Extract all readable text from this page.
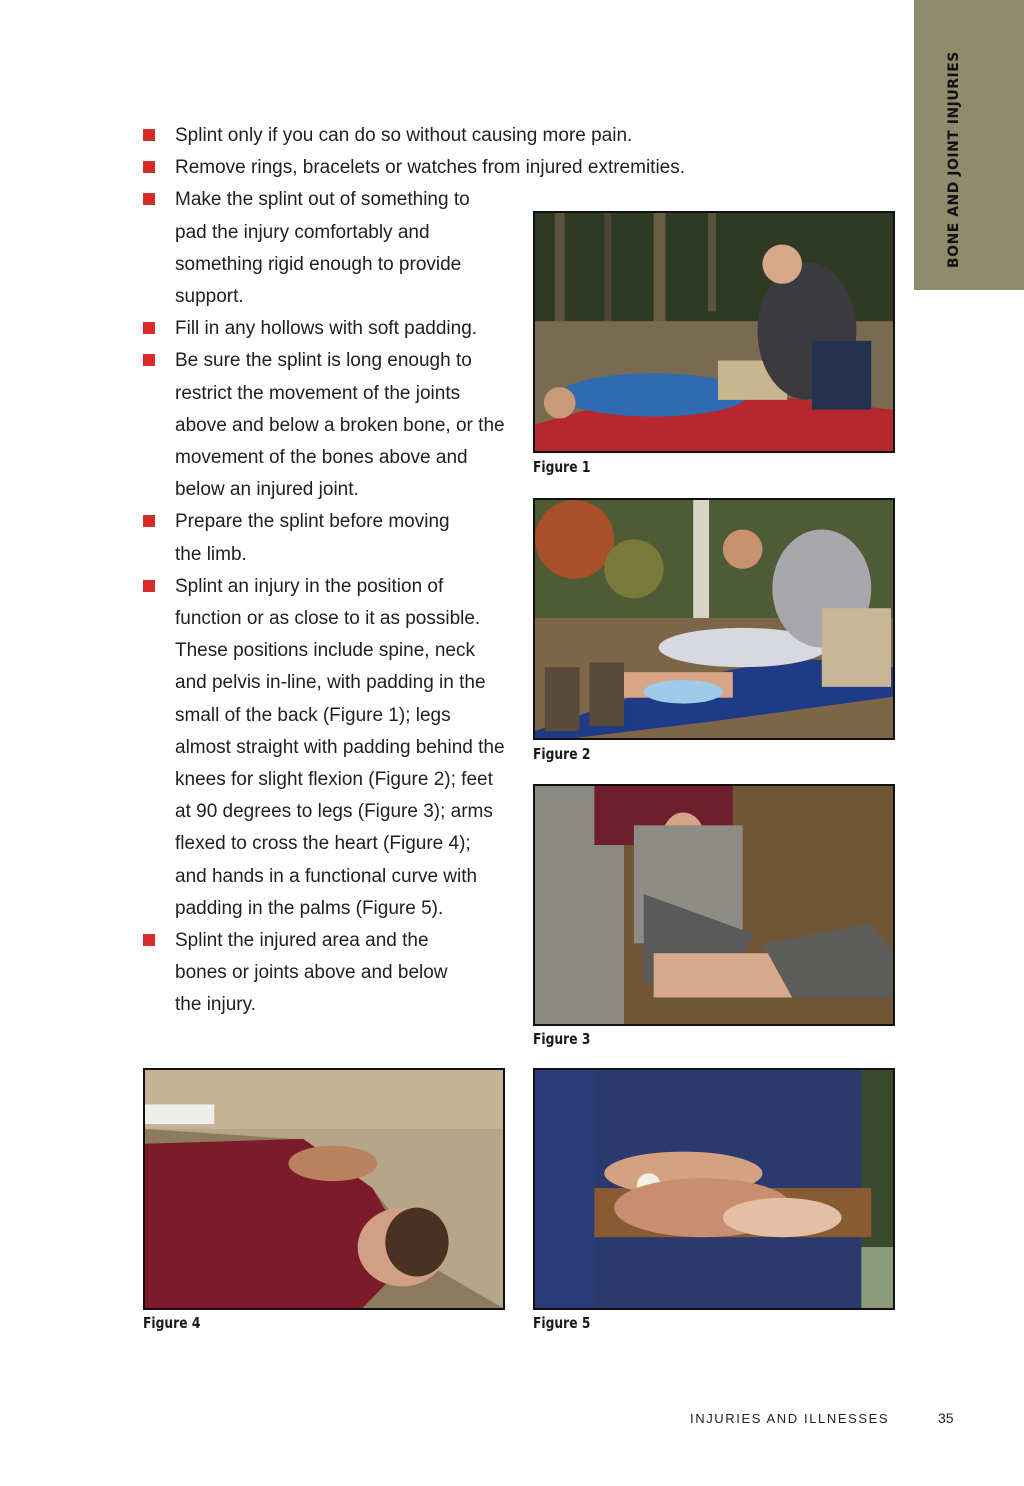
BONE AND JOINT INJURIES
Splint only if you can do so without causing more pain.
Remove rings, bracelets or watches from injured extremities.
Make the splint out of something to pad the injury comfortably and something rigid enough to provide support.
Fill in any hollows with soft padding.
Be sure the splint is long enough to restrict the movement of the joints above and below a broken bone, or the movement of the bones above and below an injured joint.
Prepare the splint before moving the limb.
Splint an injury in the position of function or as close to it as possible. These positions include spine, neck and pelvis in-line, with padding in the small of the back (Figure 1); legs almost straight with padding behind the knees for slight flexion (Figure 2); feet at 90 degrees to legs (Figure 3); arms flexed to cross the heart (Figure 4); and hands in a functional curve with padding in the palms (Figure 5).
Splint the injured area and the bones or joints above and below the injury.
Figure 1
Figure 2
Figure 3
Figure 4	Figure 5
INJURIES AND ILLNESSES	35
